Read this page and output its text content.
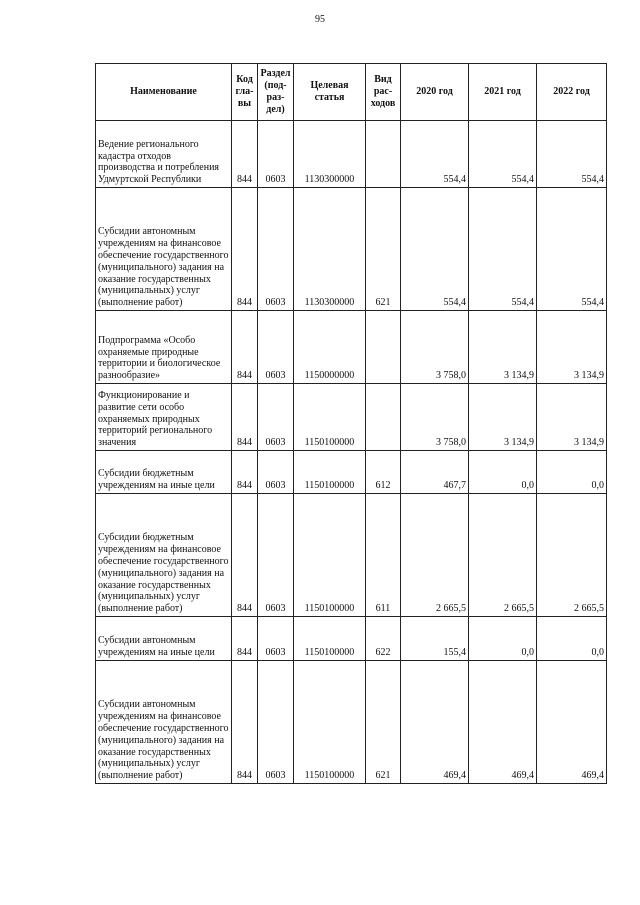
95
Наименование	Код
гла-
вы	Раздел
(под-
раз-
дел)	Целевая
статья	Вид
рас-
ходов	2020 год	2021 год	2022 год
Ведение регионального кадастра отходов производства и потребления Удмуртской Республики	844	0603	1130300000		554,4	554,4	554,4
Субсидии автономным учреждениям на финансовое обеспечение государственного (муниципального) задания на оказание государственных (муниципальных) услуг (выполнение работ)	844	0603	1130300000	621	554,4	554,4	554,4
Подпрограмма «Особо охраняемые природные территории и биологическое разнообразие»	844	0603	1150000000		3 758,0	3 134,9	3 134,9
Функционирование и развитие сети особо охраняемых природных территорий регионального значения	844	0603	1150100000		3 758,0	3 134,9	3 134,9
Субсидии бюджетным учреждениям на иные цели	844	0603	1150100000	612	467,7	0,0	0,0
Субсидии бюджетным учреждениям на финансовое обеспечение государственного (муниципального) задания на оказание государственных (муниципальных) услуг (выполнение работ)	844	0603	1150100000	611	2 665,5	2 665,5	2 665,5
Субсидии автономным учреждениям на иные цели	844	0603	1150100000	622	155,4	0,0	0,0
Субсидии автономным учреждениям на финансовое обеспечение государственного (муниципального) задания на оказание государственных (муниципальных) услуг (выполнение работ)	844	0603	1150100000	621	469,4	469,4	469,4
